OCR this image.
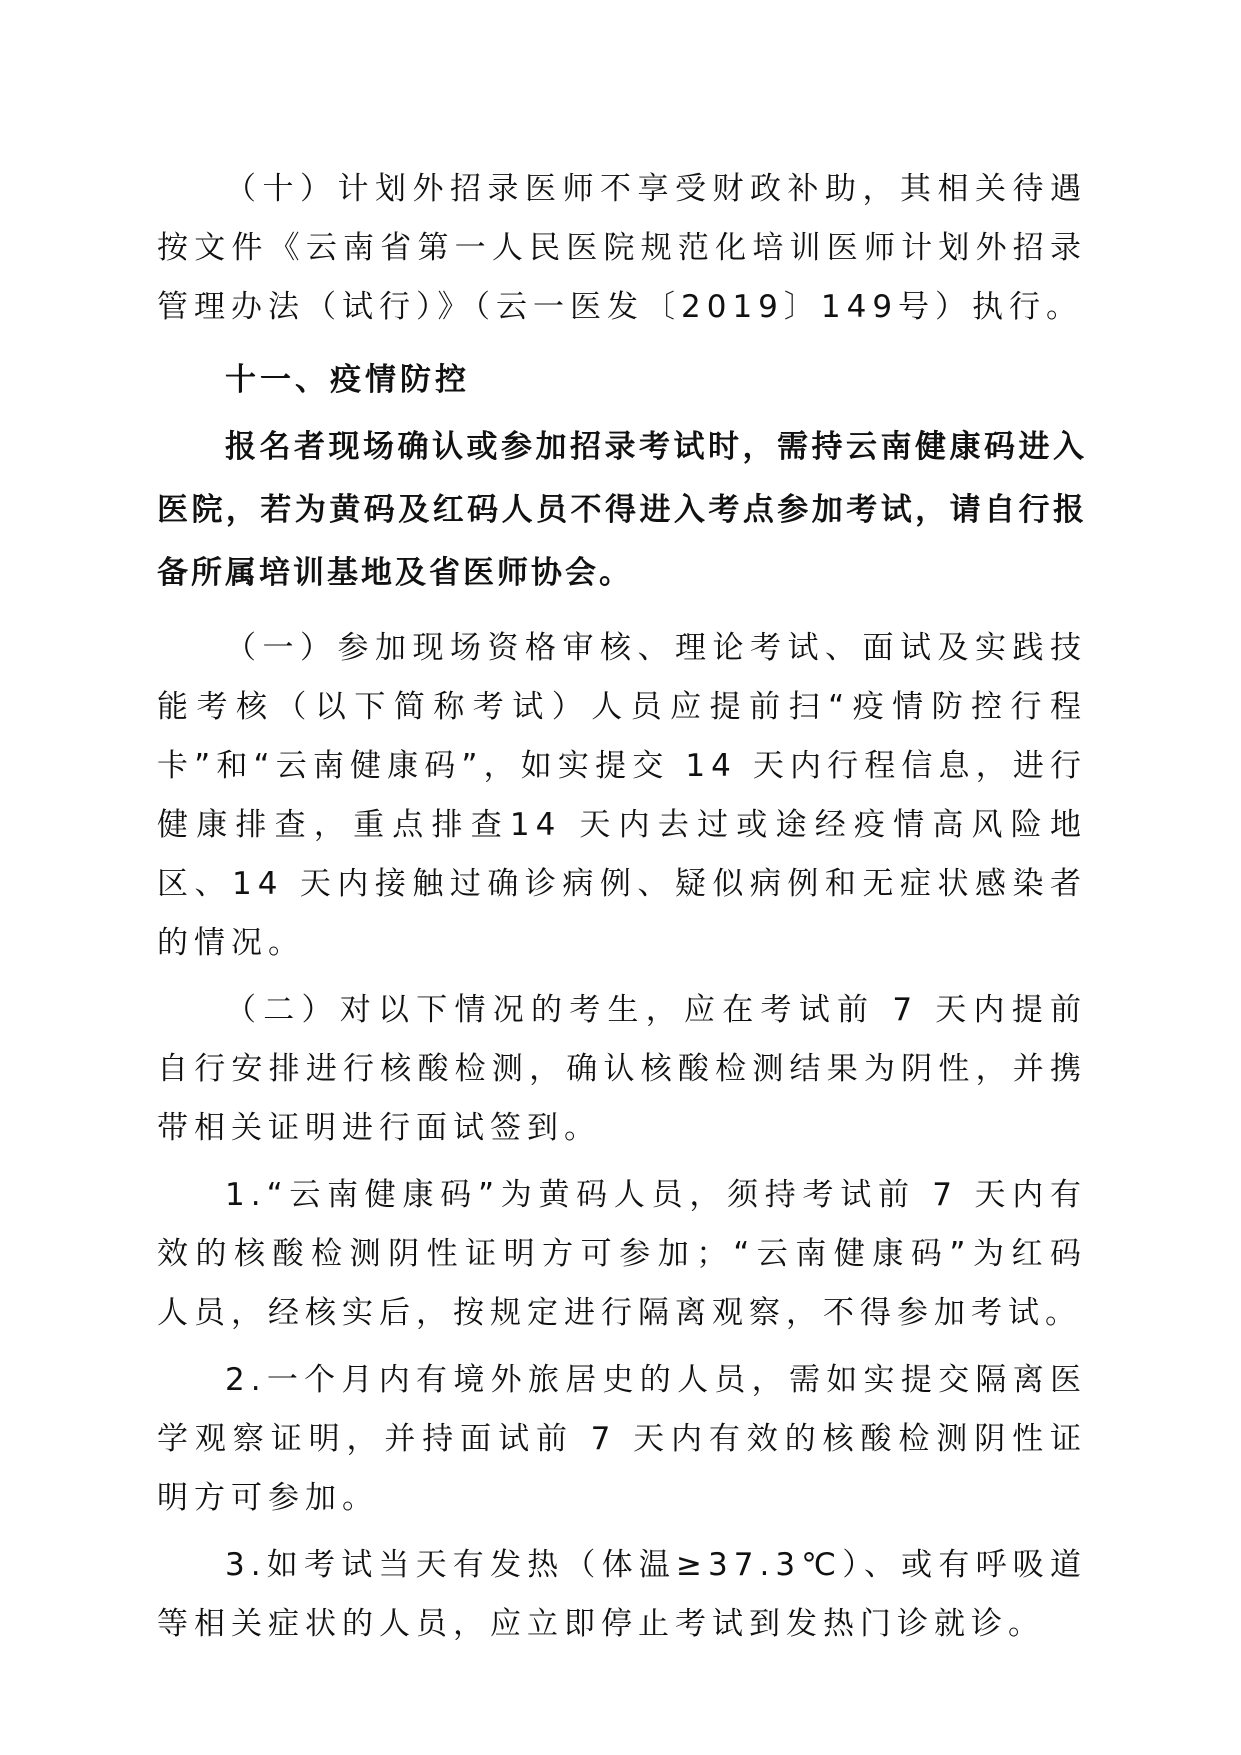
（十）计划外招录医师不享受财政补助，其相关待遇按文件《云南省第一人民医院规范化培训医师计划外招录管理办法（试行）》（云一医发〔2019〕149号）执行。

十一、疫情防控

报名者现场确认或参加招录考试时，需持云南健康码进入医院，若为黄码及红码人员不得进入考点参加考试，请自行报备所属培训基地及省医师协会。

（一）参加现场资格审核、理论考试、面试及实践技能考核（以下简称考试）人员应提前扫“疫情防控行程卡”和“云南健康码”，如实提交 14 天内行程信息，进行健康排查，重点排查14 天内去过或途经疫情高风险地区、14 天内接触过确诊病例、疑似病例和无症状感染者的情况。

（二）对以下情况的考生，应在考试前 7 天内提前自行安排进行核酸检测，确认核酸检测结果为阴性，并携带相关证明进行面试签到。

1.“云南健康码”为黄码人员，须持考试前 7 天内有效的核酸检测阴性证明方可参加；“云南健康码”为红码人员，经核实后，按规定进行隔离观察，不得参加考试。

2.一个月内有境外旅居史的人员，需如实提交隔离医学观察证明，并持面试前 7 天内有效的核酸检测阴性证明方可参加。

3.如考试当天有发热（体温≥37.3℃）、或有呼吸道等相关症状的人员，应立即停止考试到发热门诊就诊。
